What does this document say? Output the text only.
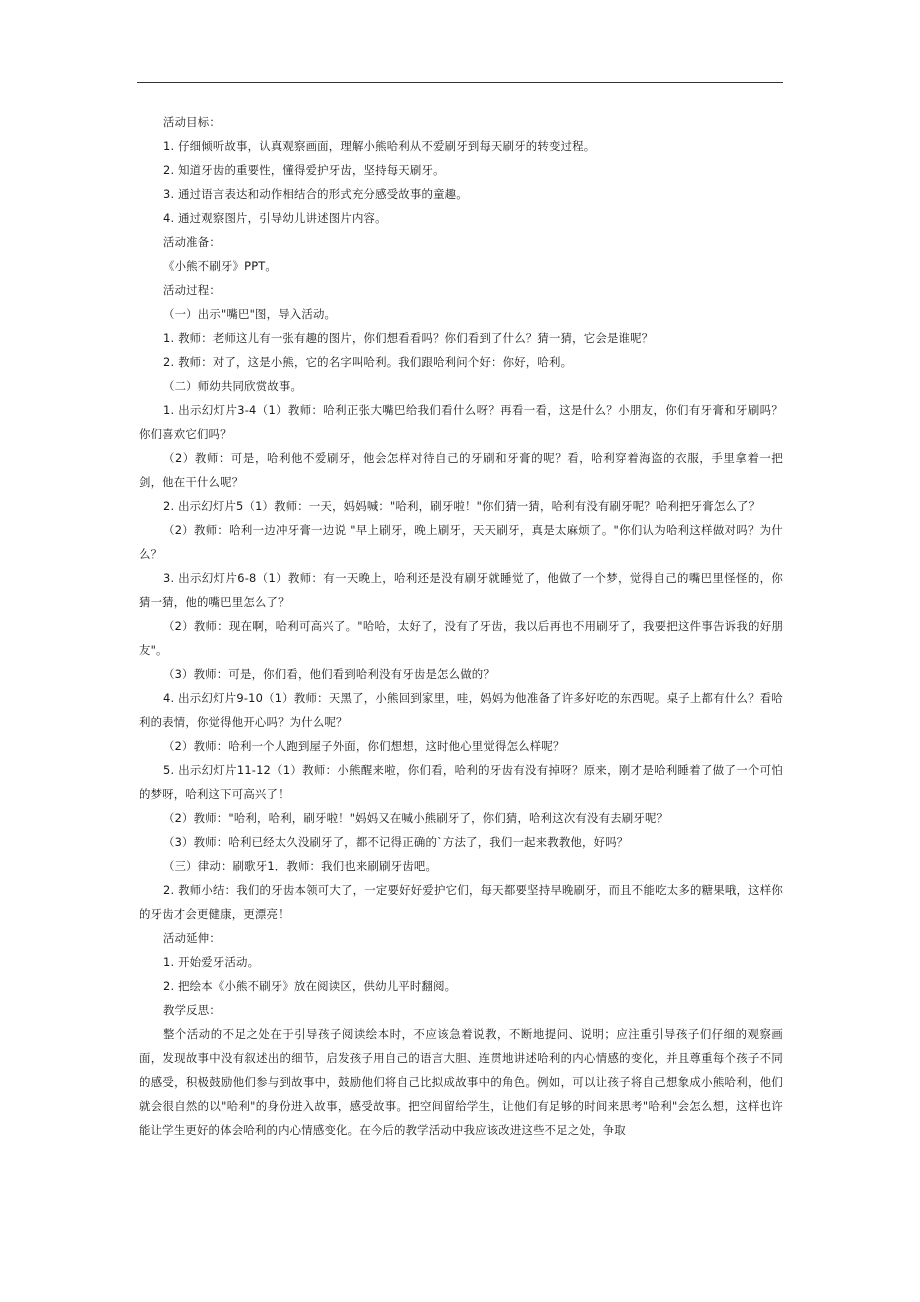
活动目标：

1. 仔细倾听故事，认真观察画面，理解小熊哈利从不爱刷牙到每天刷牙的转变过程。

2. 知道牙齿的重要性，懂得爱护牙齿，坚持每天刷牙。

3. 通过语言表达和动作相结合的形式充分感受故事的童趣。

4. 通过观察图片，引导幼儿讲述图片内容。

活动准备：

《小熊不刷牙》PPT。

活动过程：

（一）出示"嘴巴"图，导入活动。

1. 教师：老师这儿有一张有趣的图片，你们想看看吗？你们看到了什么？猜一猜，它会是谁呢？

2. 教师：对了，这是小熊，它的名字叫哈利。我们跟哈利问个好：你好，哈利。

（二）师幼共同欣赏故事。

1. 出示幻灯片3-4（1）教师：哈利正张大嘴巴给我们看什么呀？再看一看，这是什么？小朋友，你们有牙膏和牙刷吗？你们喜欢它们吗？

（2）教师：可是，哈利他不爱刷牙，他会怎样对待自己的牙刷和牙膏的呢？看，哈利穿着海盗的衣服，手里拿着一把剑，他在干什么呢？

2. 出示幻灯片5（1）教师：一天，妈妈喊："哈利，刷牙啦！"你们猜一猜，哈利有没有刷牙呢？哈利把牙膏怎么了？

（2）教师：哈利一边冲牙膏一边说 "早上刷牙，晚上刷牙，天天刷牙，真是太麻烦了。"你们认为哈利这样做对吗？为什么？

3. 出示幻灯片6-8（1）教师：有一天晚上，哈利还是没有刷牙就睡觉了，他做了一个梦，觉得自己的嘴巴里怪怪的，你猜一猜，他的嘴巴里怎么了？

（2）教师：现在啊，哈利可高兴了。"哈哈，太好了，没有了牙齿，我以后再也不用刷牙了，我要把这件事告诉我的好朋友"。

（3）教师：可是，你们看，他们看到哈利没有牙齿是怎么做的？

4. 出示幻灯片9-10（1）教师：天黑了，小熊回到家里，哇，妈妈为他准备了许多好吃的东西呢。桌子上都有什么？看哈利的表情，你觉得他开心吗？为什么呢？

（2）教师：哈利一个人跑到屋子外面，你们想想，这时他心里觉得怎么样呢？

5. 出示幻灯片11-12（1）教师：小熊醒来啦，你们看，哈利的牙齿有没有掉呀？原来，刚才是哈利睡着了做了一个可怕的梦呀，哈利这下可高兴了！

（2）教师："哈利，哈利，刷牙啦！"妈妈又在喊小熊刷牙了，你们猜，哈利这次有没有去刷牙呢？

（3）教师：哈利已经太久没刷牙了，都不记得正确的`方法了，我们一起来教教他，好吗？

（三）律动：刷歌牙1．教师：我们也来刷刷牙齿吧。

2. 教师小结：我们的牙齿本领可大了，一定要好好爱护它们，每天都要坚持早晚刷牙，而且不能吃太多的糖果哦，这样你的牙齿才会更健康，更漂亮！

活动延伸：

1. 开始爱牙活动。

2. 把绘本《小熊不刷牙》放在阅读区，供幼儿平时翻阅。

教学反思：

整个活动的不足之处在于引导孩子阅读绘本时，不应该急着说教，不断地提问、说明；应注重引导孩子们仔细的观察画面，发现故事中没有叙述出的细节，启发孩子用自己的语言大胆、连贯地讲述哈利的内心情感的变化，并且尊重每个孩子不同的感受，积极鼓励他们参与到故事中，鼓励他们将自己比拟成故事中的角色。例如，可以让孩子将自己想象成小熊哈利，他们就会很自然的以"哈利"的身份进入故事，感受故事。把空间留给学生，让他们有足够的时间来思考"哈利"会怎么想，这样也许能让学生更好的体会哈利的内心情感变化。在今后的教学活动中我应该改进这些不足之处，争取
